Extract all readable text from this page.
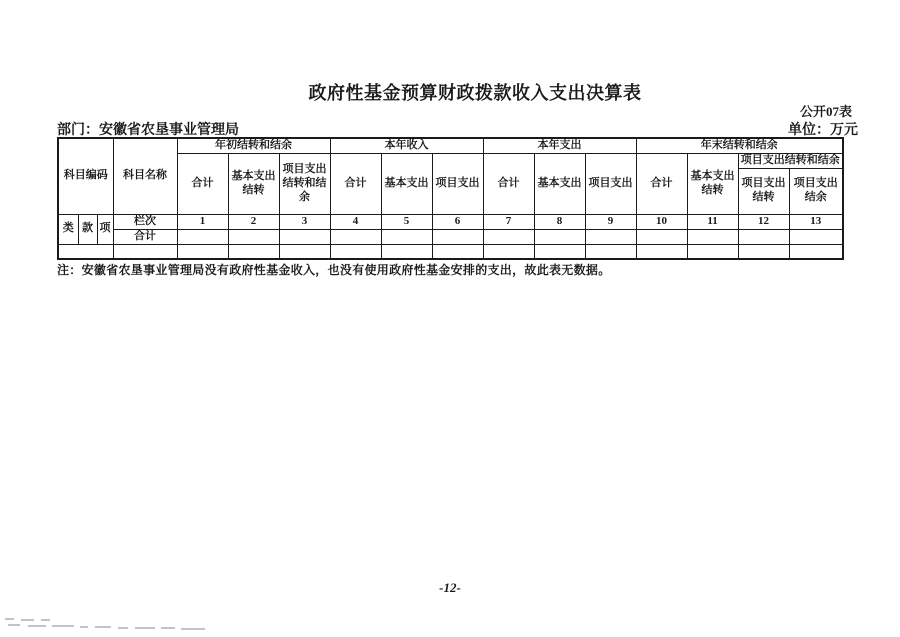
政府性基金预算财政拨款收入支出决算表
公开07表
部门：安徽省农垦事业管理局	单位：万元
科目编码			科目名称	年初结转和结余			本年收入			本年支出			年末结转和结余			
				合计	基本支出结转	项目支出结转和结余	合计	基本支出	项目支出	合计	基本支出	项目支出	合计	基本支出结转	项目支出结转和结余	
															项目支出结转	项目支出结余
类	款	项	栏次	1	2	3	4	5	6	7	8	9	10	11	12	13
			合计													

注：安徽省农垦事业管理局没有政府性基金收入，也没有使用政府性基金安排的支出，故此表无数据。
-12-
